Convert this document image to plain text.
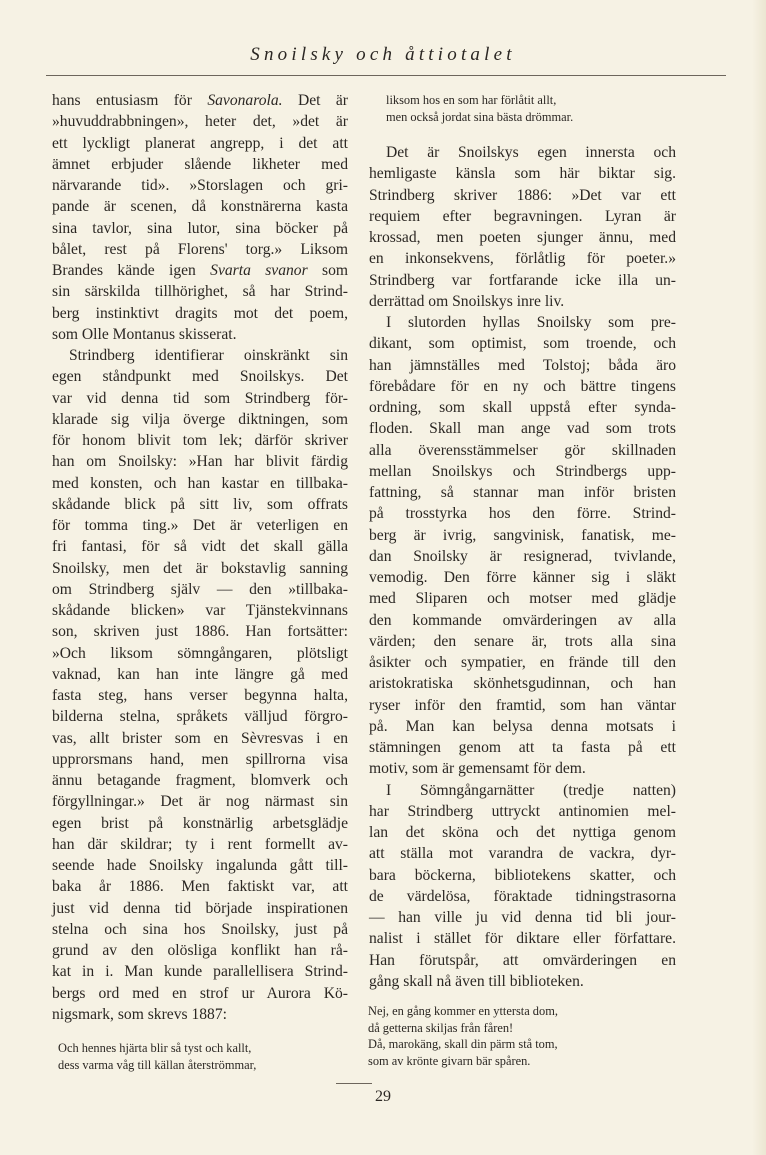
Snoilsky och åttiotalet
hans entusiasm för Savonarola. Det är
»huvuddrabbningen», heter det, »det är
ett lyckligt planerat angrepp, i det att
ämnet erbjuder slående likheter med
närvarande tid». »Storslagen och gri-
pande är scenen, då konstnärerna kasta
sina tavlor, sina lutor, sina böcker på
bålet, rest på Florens' torg.» Liksom
Brandes kände igen Svarta svanor som
sin särskilda tillhörighet, så har Strind-
berg instinktivt dragits mot det poem,
som Olle Montanus skisserat.
Strindberg identifierar oinskränkt sin
egen ståndpunkt med Snoilskys. Det
var vid denna tid som Strindberg för-
klarade sig vilja överge diktningen, som
för honom blivit tom lek; därför skriver
han om Snoilsky: »Han har blivit färdig
med konsten, och han kastar en tillbaka-
skådande blick på sitt liv, som offrats
för tomma ting.» Det är veterligen en
fri fantasi, för så vidt det skall gälla
Snoilsky, men det är bokstavlig sanning
om Strindberg själv — den »tillbaka-
skådande blicken» var Tjänstekvinnans
son, skriven just 1886. Han fortsätter:
»Och liksom sömngångaren, plötsligt
vaknad, kan han inte längre gå med
fasta steg, hans verser begynna halta,
bilderna stelna, språkets välljud förgro-
vas, allt brister som en Sèvresvas i en
upprorsmans hand, men spillrorna visa
ännu betagande fragment, blomverk och
förgyllningar.» Det är nog närmast sin
egen brist på konstnärlig arbetsglädje
han där skildrar; ty i rent formellt av-
seende hade Snoilsky ingalunda gått till-
baka år 1886. Men faktiskt var, att
just vid denna tid började inspirationen
stelna och sina hos Snoilsky, just på
grund av den olösliga konflikt han rå-
kat in i. Man kunde parallellisera Strind-
bergs ord med en strof ur Aurora Kö-
nigsmark, som skrevs 1887:
Och hennes hjärta blir så tyst och kallt,
dess varma våg till källan återströmmar,
liksom hos en som har förlåtit allt,
men också jordat sina bästa drömmar.
Det är Snoilskys egen innersta och
hemligaste känsla som här biktar sig.
Strindberg skriver 1886: »Det var ett
requiem efter begravningen. Lyran är
krossad, men poeten sjunger ännu, med
en inkonsekvens, förlåtlig för poeter.»
Strindberg var fortfarande icke illa un-
derrättad om Snoilskys inre liv.
I slutorden hyllas Snoilsky som pre-
dikant, som optimist, som troende, och
han jämnställes med Tolstoj; båda äro
förebådare för en ny och bättre tingens
ordning, som skall uppstå efter synda-
floden. Skall man ange vad som trots
alla överensstämmelser gör skillnaden
mellan Snoilskys och Strindbergs upp-
fattning, så stannar man inför bristen
på trosstyrka hos den förre. Strind-
berg är ivrig, sangvinisk, fanatisk, me-
dan Snoilsky är resignerad, tvivlande,
vemodig. Den förre känner sig i släkt
med Sliparen och motser med glädje
den kommande omvärderingen av alla
värden; den senare är, trots alla sina
åsikter och sympatier, en frände till den
aristokratiska skönhetsgudinnan, och han
ryser inför den framtid, som han väntar
på. Man kan belysa denna motsats i
stämningen genom att ta fasta på ett
motiv, som är gemensamt för dem.
I Sömngångarnätter (tredje natten)
har Strindberg uttryckt antinomien mel-
lan det sköna och det nyttiga genom
att ställa mot varandra de vackra, dyr-
bara böckerna, bibliotekens skatter, och
de värdelösa, föraktade tidningstrasorna
— han ville ju vid denna tid bli jour-
nalist i stället för diktare eller författare.
Han förutspår, att omvärderingen en
gång skall nå även till biblioteken.
Nej, en gång kommer en yttersta dom,
då getterna skiljas från fåren!
Då, marokäng, skall din pärm stå tom,
som av krönte givarn bär spåren.
29
